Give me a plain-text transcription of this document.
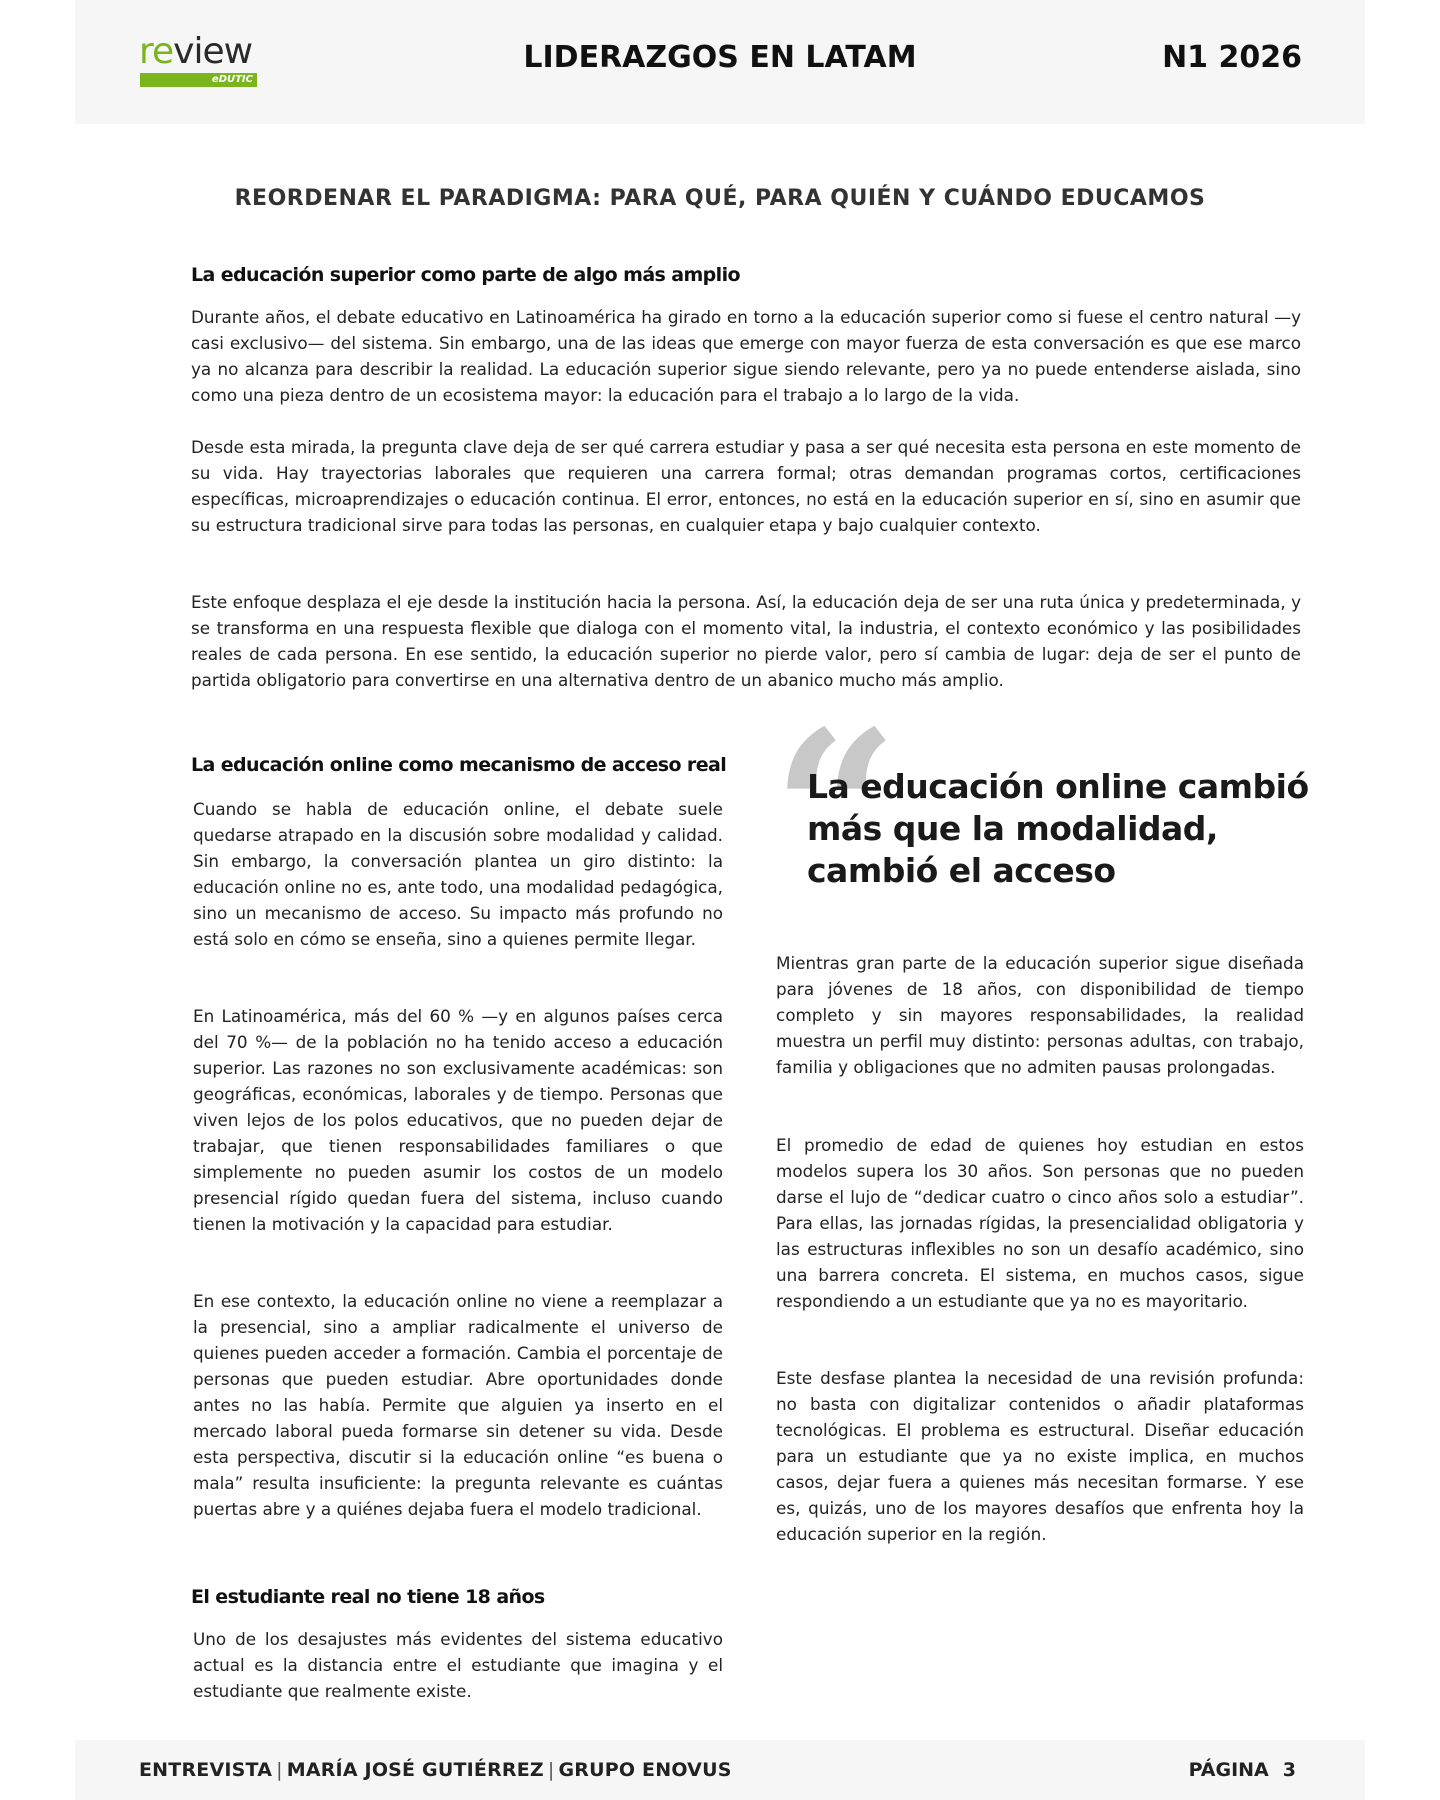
review
eDUTIC
LIDERAZGOS EN LATAM	N1 2026
REORDENAR EL PARADIGMA: PARA QUÉ, PARA QUIÉN Y CUÁNDO EDUCAMOS
La educación superior como parte de algo más amplio
Durante años, el debate educativo en Latinoamérica ha girado en torno a la educación superior como si fuese el centro natural —y casi exclusivo— del sistema. Sin embargo, una de las ideas que emerge con mayor fuerza de esta conversación es que ese marco ya no alcanza para describir la realidad. La educación superior sigue siendo relevante, pero ya no puede entenderse aislada, sino como una pieza dentro de un ecosistema mayor: la educación para el trabajo a lo largo de la vida.
Desde esta mirada, la pregunta clave deja de ser qué carrera estudiar y pasa a ser qué necesita esta persona en este momento de su vida. Hay trayectorias laborales que requieren una carrera formal; otras demandan programas cortos, certificaciones específicas, microaprendizajes o educación continua. El error, entonces, no está en la educación superior en sí, sino en asumir que su estructura tradicional sirve para todas las personas, en cualquier etapa y bajo cualquier contexto.
Este enfoque desplaza el eje desde la institución hacia la persona. Así, la educación deja de ser una ruta única y predeterminada, y se transforma en una respuesta flexible que dialoga con el momento vital, la industria, el contexto económico y las posibilidades reales de cada persona. En ese sentido, la educación superior no pierde valor, pero sí cambia de lugar: deja de ser el punto de partida obligatorio para convertirse en una alternativa dentro de un abanico mucho más amplio.
La educación online como mecanismo de acceso real
Cuando se habla de educación online, el debate suele quedarse atrapado en la discusión sobre modalidad y calidad. Sin embargo, la conversación plantea un giro distinto: la educación online no es, ante todo, una modalidad pedagógica, sino un mecanismo de acceso. Su impacto más profundo no está solo en cómo se enseña, sino a quienes permite llegar.
En Latinoamérica, más del 60 % —y en algunos países cerca del 70 %— de la población no ha tenido acceso a educación superior. Las razones no son exclusivamente académicas: son geográficas, económicas, laborales y de tiempo. Personas que viven lejos de los polos educativos, que no pueden dejar de trabajar, que tienen responsabilidades familiares o que simplemente no pueden asumir los costos de un modelo presencial rígido quedan fuera del sistema, incluso cuando tienen la motivación y la capacidad para estudiar.
En ese contexto, la educación online no viene a reemplazar a la presencial, sino a ampliar radicalmente el universo de quienes pueden acceder a formación. Cambia el porcentaje de personas que pueden estudiar. Abre oportunidades donde antes no las había. Permite que alguien ya inserto en el mercado laboral pueda formarse sin detener su vida. Desde esta perspectiva, discutir si la educación online “es buena o mala” resulta insuficiente: la pregunta relevante es cuántas puertas abre y a quiénes dejaba fuera el modelo tradicional.
El estudiante real no tiene 18 años
Uno de los desajustes más evidentes del sistema educativo actual es la distancia entre el estudiante que imagina y el estudiante que realmente existe.
“
La educación online cambió más que la modalidad, cambió el acceso
Mientras gran parte de la educación superior sigue diseñada para jóvenes de 18 años, con disponibilidad de tiempo completo y sin mayores responsabilidades, la realidad muestra un perfil muy distinto: personas adultas, con trabajo, familia y obligaciones que no admiten pausas prolongadas.
El promedio de edad de quienes hoy estudian en estos modelos supera los 30 años. Son personas que no pueden darse el lujo de “dedicar cuatro o cinco años solo a estudiar”. Para ellas, las jornadas rígidas, la presencialidad obligatoria y las estructuras inflexibles no son un desafío académico, sino una barrera concreta. El sistema, en muchos casos, sigue respondiendo a un estudiante que ya no es mayoritario.
Este desfase plantea la necesidad de una revisión profunda: no basta con digitalizar contenidos o añadir plataformas tecnológicas. El problema es estructural. Diseñar educación para un estudiante que ya no existe implica, en muchos casos, dejar fuera a quienes más necesitan formarse. Y ese es, quizás, uno de los mayores desafíos que enfrenta hoy la educación superior en la región.
ENTREVISTA | MARÍA JOSÉ GUTIÉRREZ | GRUPO ENOVUS	PÁGINA 3
